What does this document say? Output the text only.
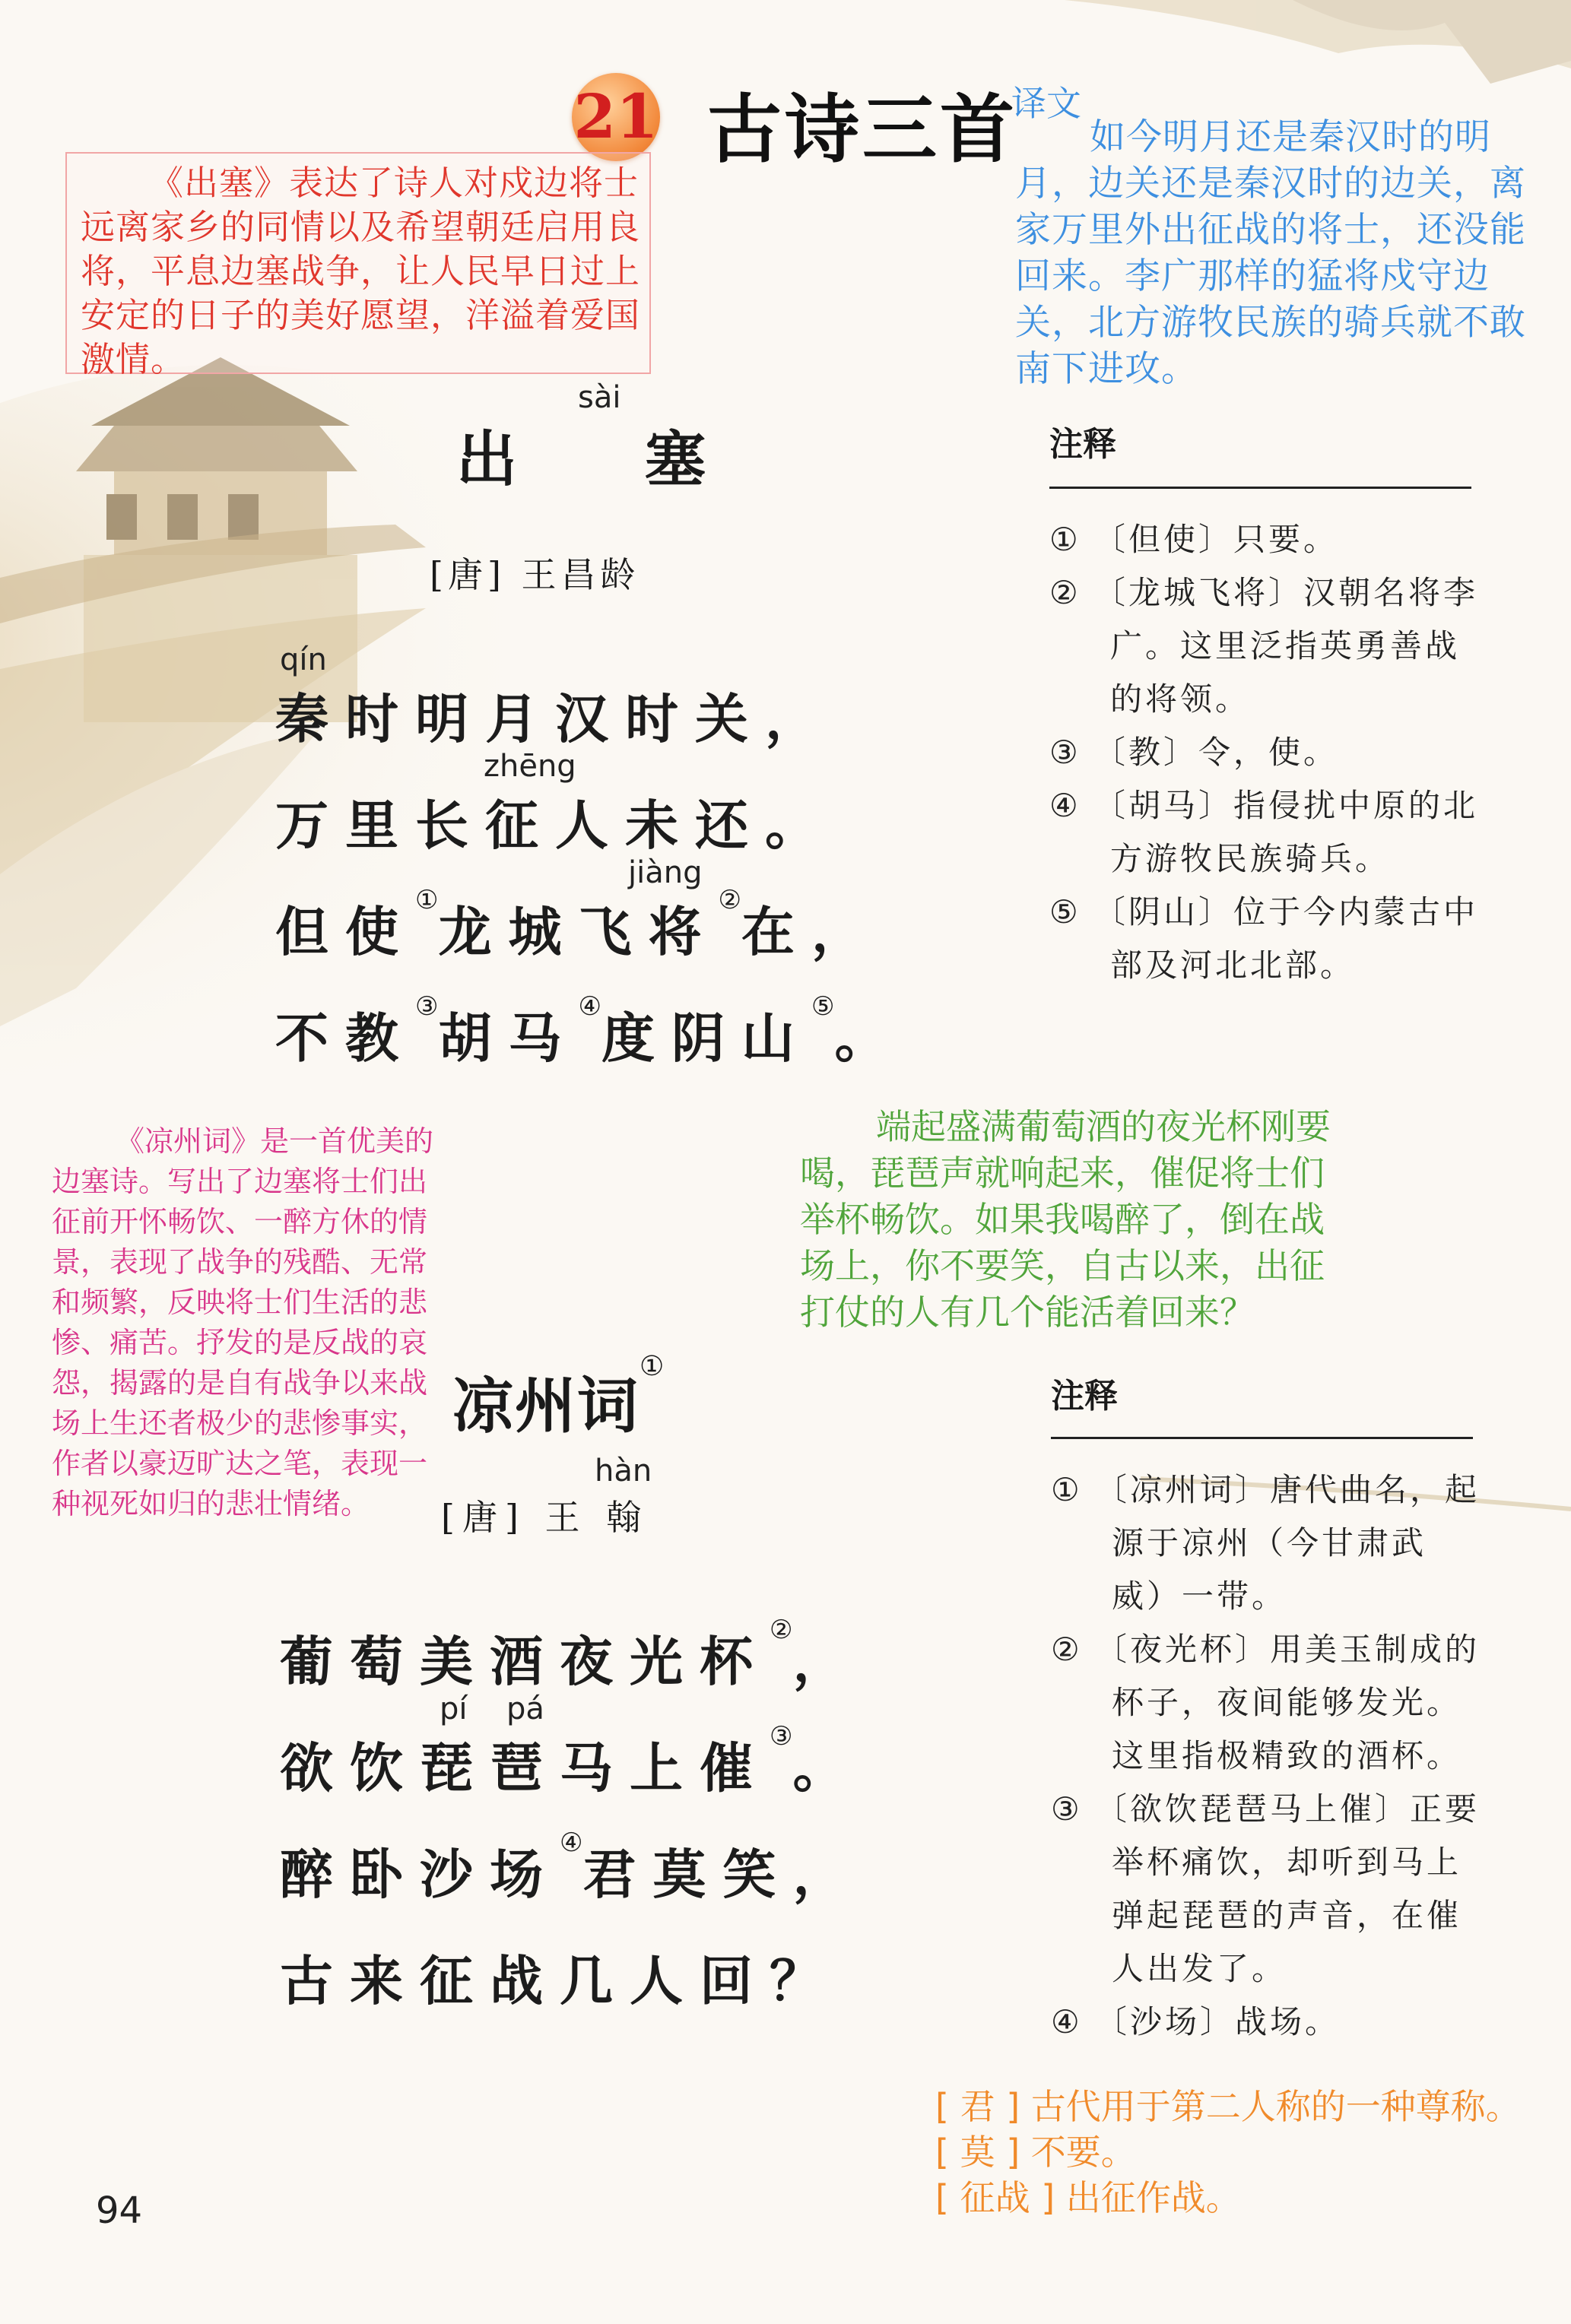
21 古诗三首
译文
如今明月还是秦汉时的明月，边关还是秦汉时的边关，离家万里外出征战的将士，还没能回来。李广那样的猛将戍守边关，北方游牧民族的骑兵就不敢南下进攻。
《出塞》表达了诗人对戍边将士远离家乡的同情以及希望朝廷启用良将，平息边塞战争，让人民早日过上安定的日子的美好愿望，洋溢着爱国激情。
sài
出 塞
[唐] 王昌龄
qín
秦时明月汉时关，
zhēng
万里长征人未还。
jiàng
但使①龙城飞将②在，
不教③胡马④度阴山⑤。
注释
① 〔但使〕只要。
② 〔龙城飞将〕汉朝名将李
广。这里泛指英勇善战
的将领。
③ 〔教〕令，使。
④ 〔胡马〕指侵扰中原的北
方游牧民族骑兵。
⑤ 〔阴山〕位于今内蒙古中
部及河北北部。
《凉州词》是一首优美的边塞诗。写出了边塞将士们出征前开怀畅饮、一醉方休的情景，表现了战争的残酷、无常和频繁，反映将士们生活的悲惨、痛苦。抒发的是反战的哀怨，揭露的是自有战争以来战场上生还者极少的悲惨事实，作者以豪迈旷达之笔，表现一种视死如归的悲壮情绪。
端起盛满葡萄酒的夜光杯刚要喝，琵琶声就响起来，催促将士们举杯畅饮。如果我喝醉了，倒在战场上，你不要笑，自古以来，出征打仗的人有几个能活着回来？
凉州词①
hàn
[唐] 王 翰
葡萄美酒夜光杯②，
pí pá
欲饮琵琶马上催③。
醉卧沙场④君莫笑，
古来征战几人回？
注释
① 〔凉州词〕唐代曲名，起
源于凉州（今甘肃武
威）一带。
② 〔夜光杯〕用美玉制成的
杯子，夜间能够发光。
这里指极精致的酒杯。
③ 〔欲饮琵琶马上催〕正要
举杯痛饮，却听到马上
弹起琵琶的声音，在催
人出发了。
④ 〔沙场〕战场。
[ 君 ] 古代用于第二人称的一种尊称。
[ 莫 ] 不要。
[ 征战 ] 出征作战。
94
